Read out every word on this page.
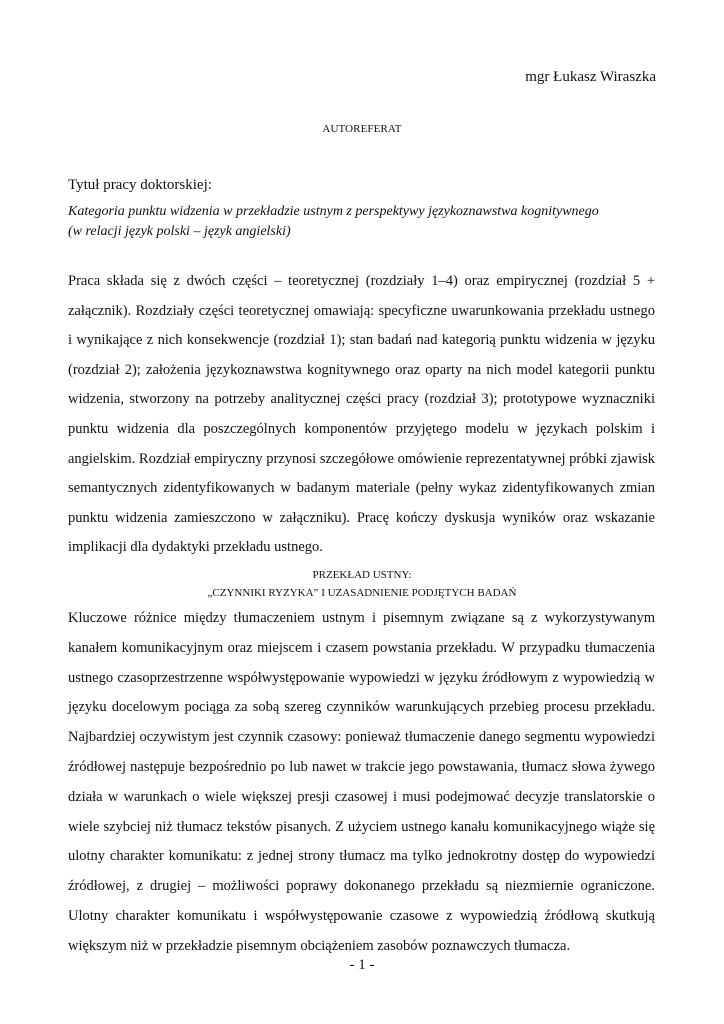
mgr Łukasz Wiraszka
AUTOREFERAT
Tytuł pracy doktorskiej:
Kategoria punktu widzenia w przekładzie ustnym z perspektywy językoznawstwa kognitywnego
(w relacji język polski – język angielski)

Praca składa się z dwóch części – teoretycznej (rozdziały 1–4) oraz empirycznej (rozdział 5 + załącznik). Rozdziały części teoretycznej omawiają: specyficzne uwarunkowania przekładu ustnego i wynikające z nich konsekwencje (rozdział 1); stan badań nad kategorią punktu widzenia w języku (rozdział 2); założenia językoznawstwa kognitywnego oraz oparty na nich model kategorii punktu widzenia, stworzony na potrzeby analitycznej części pracy (rozdział 3); prototypowe wyznaczniki punktu widzenia dla poszczególnych komponentów przyjętego modelu w językach polskim i angielskim. Rozdział empiryczny przynosi szczegółowe omówienie reprezentatywnej próbki zjawisk semantycznych zidentyfikowanych w badanym materiale (pełny wykaz zidentyfikowanych zmian punktu widzenia zamieszczono w załączniku). Pracę kończy dyskusja wyników oraz wskazanie implikacji dla dydaktyki przekładu ustnego.

PRZEKŁAD USTNY:
„CZYNNIKI RYZYKA” I UZASADNIENIE PODJĘTYCH BADAŃ

Kluczowe różnice między tłumaczeniem ustnym i pisemnym związane są z wykorzystywanym kanałem komunikacyjnym oraz miejscem i czasem powstania przekładu. W przypadku tłumaczenia ustnego czasoprzestrzenne współwystępowanie wypowiedzi w języku źródłowym z wypowiedzią w języku docelowym pociąga za sobą szereg czynników warunkujących przebieg procesu przekładu. Najbardziej oczywistym jest czynnik czasowy: ponieważ tłumaczenie danego segmentu wypowiedzi źródłowej następuje bezpośrednio po lub nawet w trakcie jego powstawania, tłumacz słowa żywego działa w warunkach o wiele większej presji czasowej i musi podejmować decyzje translatorskie o wiele szybciej niż tłumacz tekstów pisanych. Z użyciem ustnego kanału komunikacyjnego wiąże się ulotny charakter komunikatu: z jednej strony tłumacz ma tylko jednokrotny dostęp do wypowiedzi źródłowej, z drugiej – możliwości poprawy dokonanego przekładu są niezmiernie ograniczone. Ulotny charakter komunikatu i współwystępowanie czasowe z wypowiedzią źródłową skutkują większym niż w przekładzie pisemnym obciążeniem zasobów poznawczych tłumacza.

- 1 -
